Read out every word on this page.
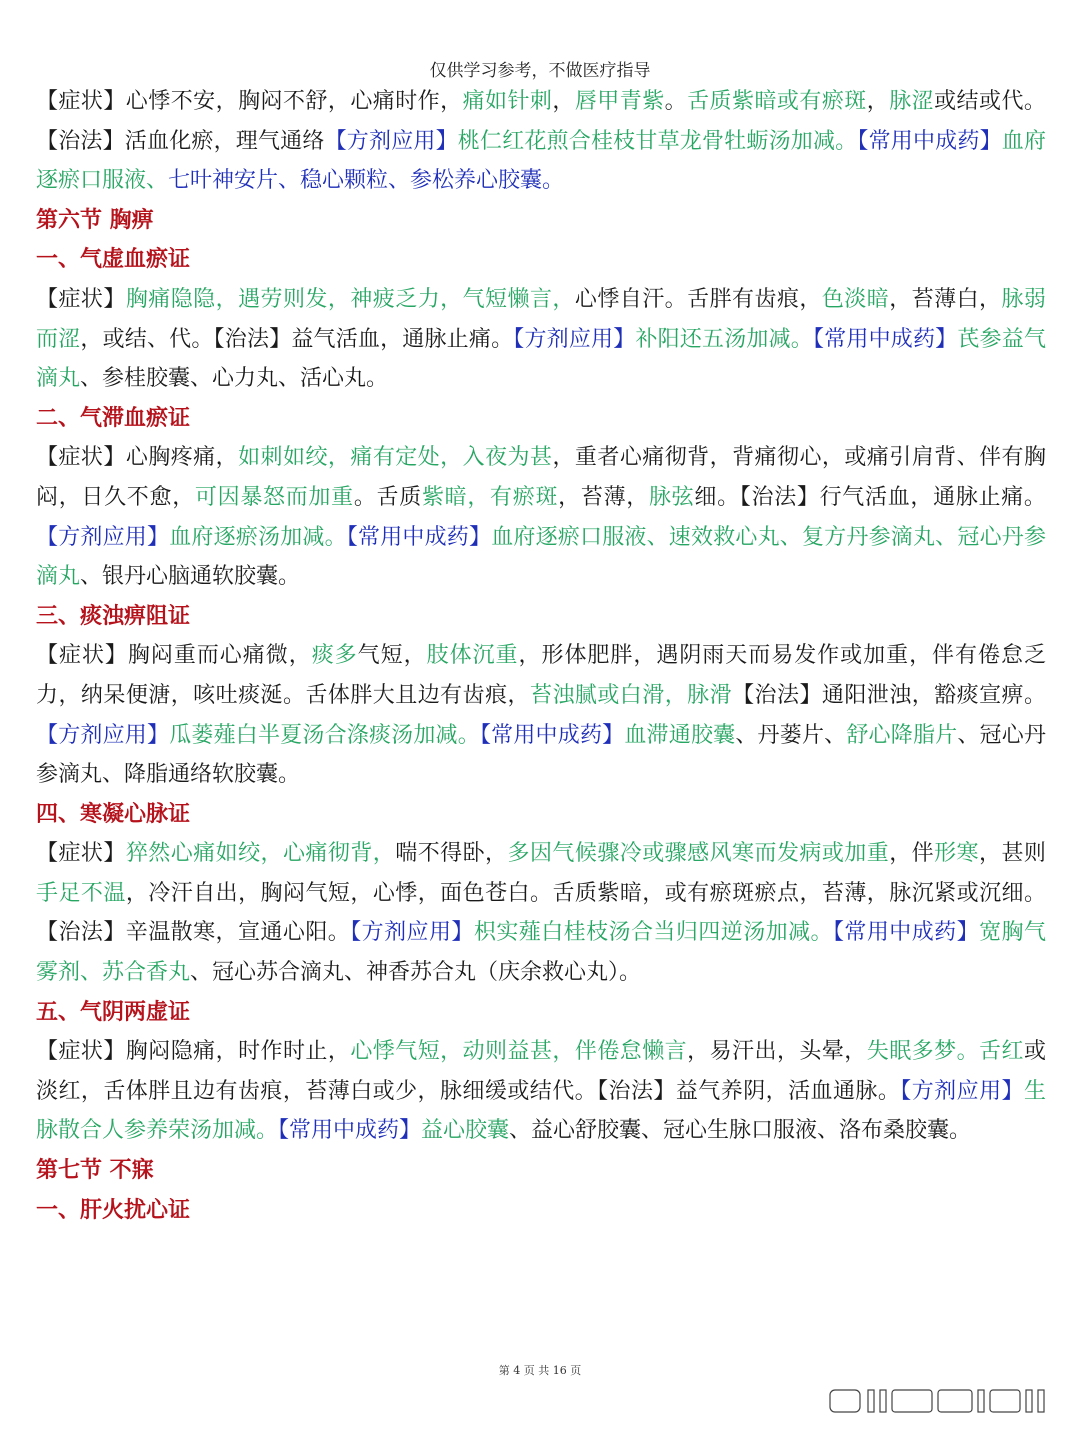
仅供学习参考，不做医疗指导

【症状】心悸不安，胸闷不舒，心痛时作，痛如针刺，唇甲青紫。舌质紫暗或有瘀斑，脉涩或结或代。【治法】活血化瘀，理气通络【方剂应用】桃仁红花煎合桂枝甘草龙骨牡蛎汤加减。【常用中成药】血府逐瘀口服液、七叶神安片、稳心颗粒、参松养心胶囊。

第六节 胸痹

一、气虚血瘀证

【症状】胸痛隐隐，遇劳则发，神疲乏力，气短懒言，心悸自汗。舌胖有齿痕，色淡暗，苔薄白，脉弱而涩，或结、代。【治法】益气活血，通脉止痛。【方剂应用】补阳还五汤加减。【常用中成药】芪参益气滴丸、参桂胶囊、心力丸、活心丸。

二、气滞血瘀证

【症状】心胸疼痛，如刺如绞，痛有定处，入夜为甚，重者心痛彻背，背痛彻心，或痛引肩背、伴有胸闷，日久不愈，可因暴怒而加重。舌质紫暗，有瘀斑，苔薄，脉弦细。【治法】行气活血，通脉止痛。【方剂应用】血府逐瘀汤加减。【常用中成药】血府逐瘀口服液、速效救心丸、复方丹参滴丸、冠心丹参滴丸、银丹心脑通软胶囊。

三、痰浊痹阻证

【症状】胸闷重而心痛微，痰多气短，肢体沉重，形体肥胖，遇阴雨天而易发作或加重，伴有倦怠乏力，纳呆便溏，咳吐痰涎。舌体胖大且边有齿痕，苔浊腻或白滑，脉滑【治法】通阳泄浊，豁痰宣痹。【方剂应用】瓜蒌薤白半夏汤合涤痰汤加减。【常用中成药】血滞通胶囊、丹蒌片、舒心降脂片、冠心丹参滴丸、降脂通络软胶囊。

四、寒凝心脉证

【症状】猝然心痛如绞，心痛彻背，喘不得卧，多因气候骤冷或骤感风寒而发病或加重，伴形寒，甚则手足不温，冷汗自出，胸闷气短，心悸，面色苍白。舌质紫暗，或有瘀斑瘀点，苔薄，脉沉紧或沉细。【治法】辛温散寒，宣通心阳。【方剂应用】枳实薤白桂枝汤合当归四逆汤加减。【常用中成药】宽胸气雾剂、苏合香丸、冠心苏合滴丸、神香苏合丸（庆余救心丸）。

五、气阴两虚证

【症状】胸闷隐痛，时作时止，心悸气短，动则益甚，伴倦怠懒言，易汗出，头晕，失眠多梦。舌红或淡红，舌体胖且边有齿痕，苔薄白或少，脉细缓或结代。【治法】益气养阴，活血通脉。【方剂应用】生脉散合人参养荣汤加减。【常用中成药】益心胶囊、益心舒胶囊、冠心生脉口服液、洛布桑胶囊。

第七节 不寐

一、肝火扰心证

第 4 页 共 16 页
